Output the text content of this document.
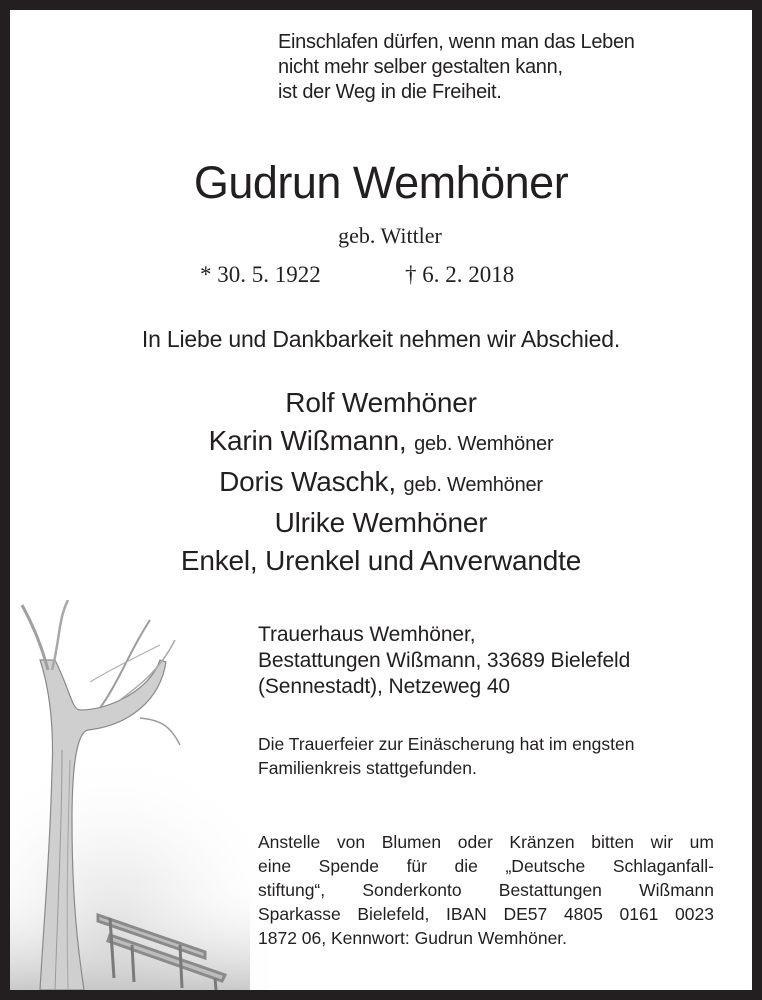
Einschlafen dürfen, wenn man das Leben
nicht mehr selber gestalten kann,
ist der Weg in die Freiheit.
Gudrun Wemhöner
geb. Wittler
* 30. 5. 1922	† 6. 2. 2018
In Liebe und Dankbarkeit nehmen wir Abschied.
Rolf Wemhöner
Karin Wißmann, geb. Wemhöner
Doris Waschk, geb. Wemhöner
Ulrike Wemhöner
Enkel, Urenkel und Anverwandte
Trauerhaus Wemhöner,
Bestattungen Wißmann, 33689 Bielefeld
(Sennestadt), Netzeweg 40
Die Trauerfeier zur Einäscherung hat im engsten
Familienkreis stattgefunden.
Anstelle von Blumen oder Kränzen bitten wir um
eine Spende für die „Deutsche Schlaganfall-
stiftung“, Sonderkonto Bestattungen Wißmann
Sparkasse Bielefeld, IBAN DE57 4805 0161 0023
1872 06, Kennwort: Gudrun Wemhöner.
